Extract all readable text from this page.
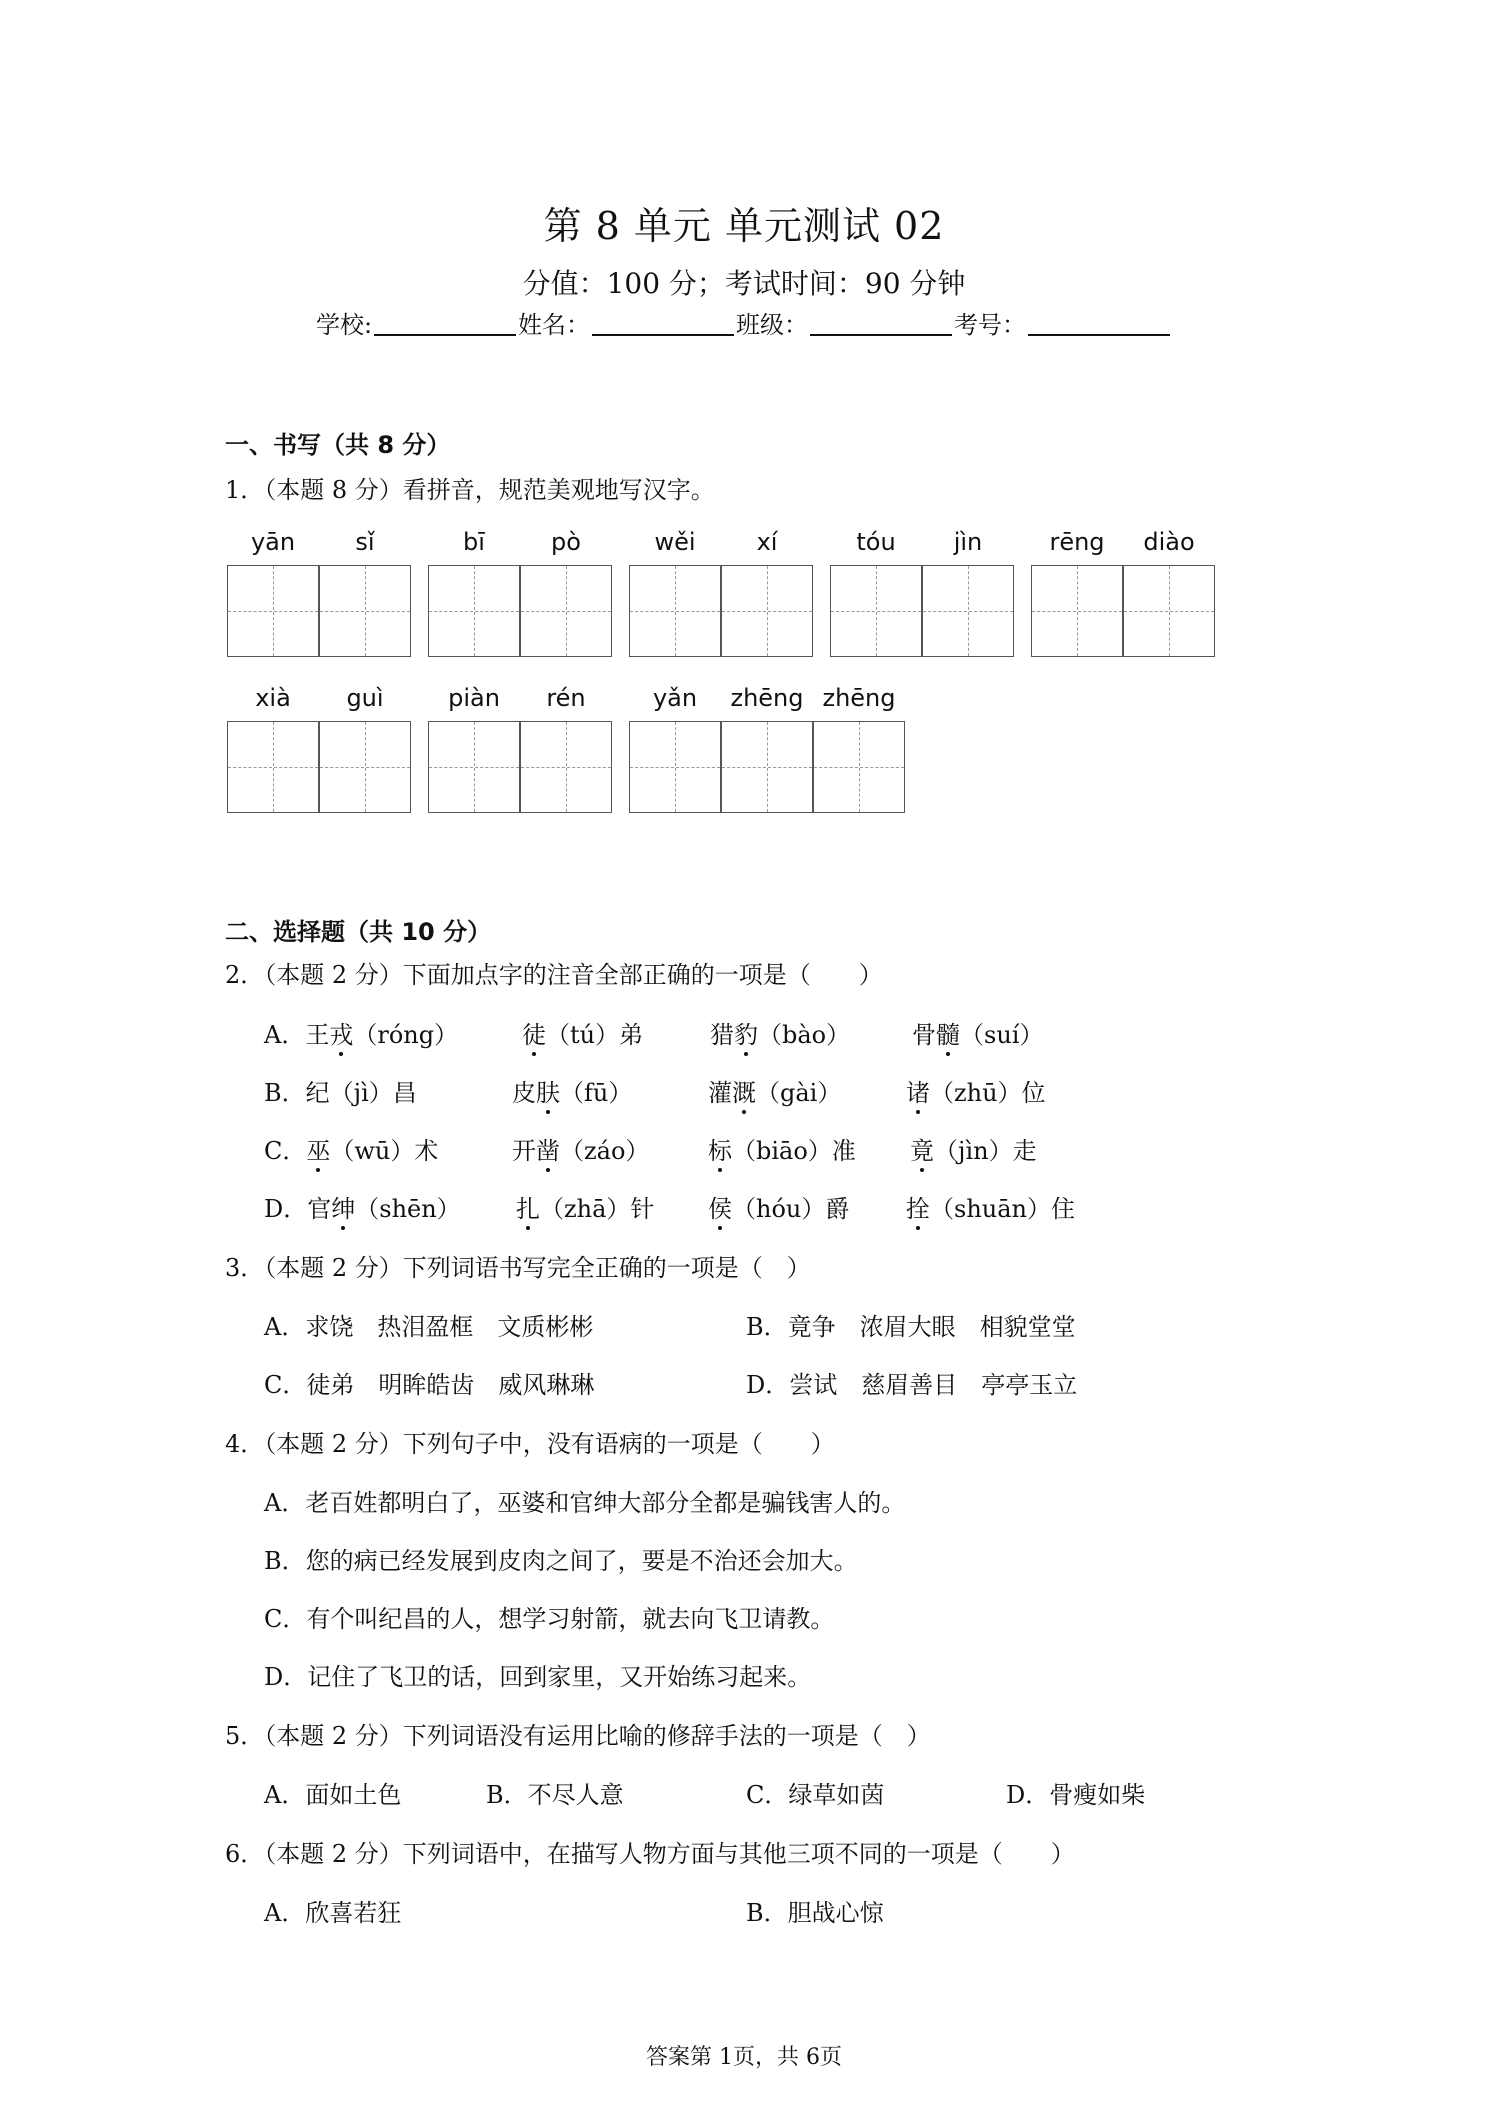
第 8 单元 单元测试 02
分值：100 分；考试时间：90 分钟
学校:	姓名：	班级：	考号：
一、书写（共 8 分）
1．（本题 8 分）看拼音，规范美观地写汉字。
yān	sǐ	bī	pò	wěi	xí	tóu	jìn	rēng	diào
xià	guì	piàn	rén	yǎn	zhēng zhēng
二、选择题（共 10 分）
2．（本题 2 分）下面加点字的注音全部正确的一项是（　　）
A．王戎（róng）	徒（tú）弟	猎豹（bào）	骨髓（suí）
B．纪（jì）昌	皮肤（fū）	灌溉（gài）	诸（zhū）位
C．巫（wū）术	开凿（záo） 标（biāo）准 竟（jìn）走
D．官绅（shēn） 扎（zhā）针 侯（hóu）爵 拴（shuān）住
3．（本题 2 分）下列词语书写完全正确的一项是（　）
A．求饶　热泪盈框　文质彬彬	B．竟争　浓眉大眼　相貌堂堂
C．徒弟　明眸皓齿　威风琳琳	D．尝试　慈眉善目　亭亭玉立
4．（本题 2 分）下列句子中，没有语病的一项是（　　）
A．老百姓都明白了，巫婆和官绅大部分全都是骗钱害人的。
B．您的病已经发展到皮肉之间了，要是不治还会加大。
C．有个叫纪昌的人，想学习射箭，就去向飞卫请教。
D．记住了飞卫的话，回到家里，又开始练习起来。
5．（本题 2 分）下列词语没有运用比喻的修辞手法的一项是（　）
A．面如土色	B．不尽人意	C．绿草如茵	D．骨瘦如柴
6．（本题 2 分）下列词语中，在描写人物方面与其他三项不同的一项是（　　）
A．欣喜若狂	B．胆战心惊
答案第 1页，共 6页
